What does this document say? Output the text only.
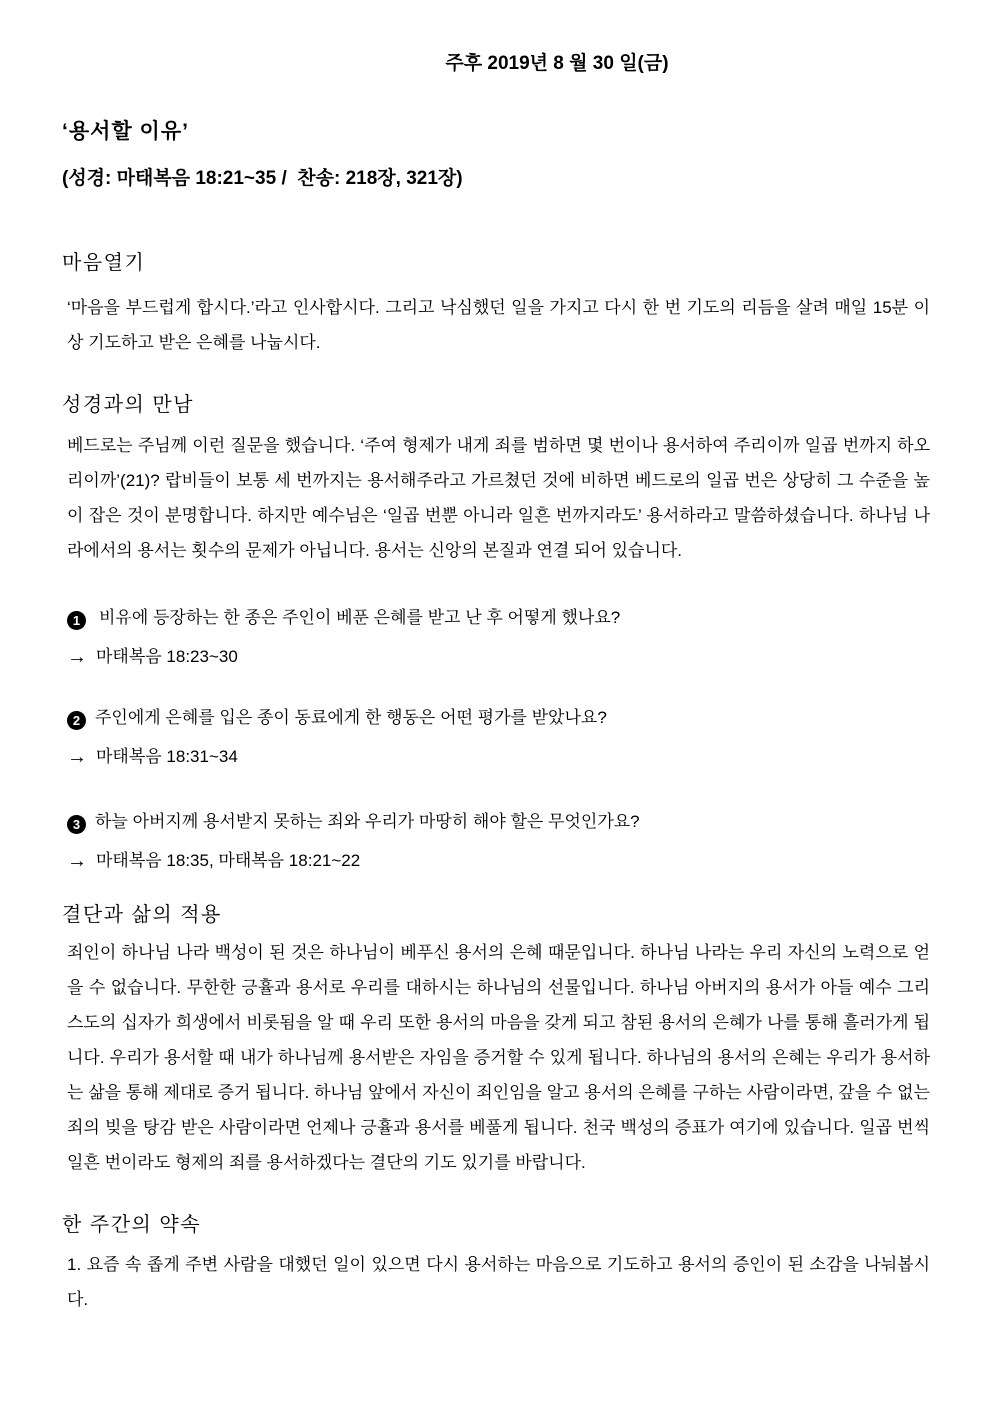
주후 2019년 8 월 30 일(금)
‘용서할 이유’
(성경: 마태복음 18:21~35 /  찬송: 218장, 321장)
마음열기
‘마음을 부드럽게 합시다.’라고 인사합시다. 그리고 낙심했던 일을 가지고 다시 한 번 기도의 리듬을 살려 매일 15분 이상 기도하고 받은 은혜를 나눕시다.
성경과의 만남
베드로는 주님께 이런 질문을 했습니다. ‘주여 형제가 내게 죄를 범하면 몇 번이나 용서하여 주리이까 일곱 번까지 하오리이까’(21)? 랍비들이 보통 세 번까지는 용서해주라고 가르쳤던 것에 비하면 베드로의 일곱 번은 상당히 그 수준을 높이 잡은 것이 분명합니다. 하지만 예수님은 ‘일곱 번뿐 아니라 일흔 번까지라도’ 용서하라고 말씀하셨습니다. 하나님 나라에서의 용서는 횟수의 문제가 아닙니다. 용서는 신앙의 본질과 연결 되어 있습니다.
1 비유에 등장하는 한 종은 주인이 베푼 은혜를 받고 난 후 어떻게 했나요?
→ 마태복음 18:23~30
2 주인에게 은혜를 입은 종이 동료에게 한 행동은 어떤 평가를 받았나요?
→ 마태복음 18:31~34
3 하늘 아버지께 용서받지 못하는 죄와 우리가 마땅히 해야 할은 무엇인가요?
→ 마태복음 18:35, 마태복음 18:21~22
결단과 삶의 적용
죄인이 하나님 나라 백성이 된 것은 하나님이 베푸신 용서의 은혜 때문입니다. 하나님 나라는 우리 자신의 노력으로 얻을 수 없습니다. 무한한 긍휼과 용서로 우리를 대하시는 하나님의 선물입니다. 하나님 아버지의 용서가 아들 예수 그리스도의 십자가 희생에서 비롯됨을 알 때 우리 또한 용서의 마음을 갖게 되고 참된 용서의 은혜가 나를 통해 흘러가게 됩니다. 우리가 용서할 때 내가 하나님께 용서받은 자임을 증거할 수 있게 됩니다. 하나님의 용서의 은혜는 우리가 용서하는 삶을 통해 제대로 증거 됩니다. 하나님 앞에서 자신이 죄인임을 알고 용서의 은혜를 구하는 사람이라면, 갚을 수 없는 죄의 빚을 탕감 받은 사람이라면 언제나 긍휼과 용서를 베풀게 됩니다. 천국 백성의 증표가 여기에 있습니다. 일곱 번씩 일흔 번이라도 형제의 죄를 용서하겠다는 결단의 기도 있기를 바랍니다.
한 주간의 약속
1. 요즘 속 좁게 주변 사람을 대했던 일이 있으면 다시 용서하는 마음으로 기도하고 용서의 증인이 된 소감을 나눠봅시다.
